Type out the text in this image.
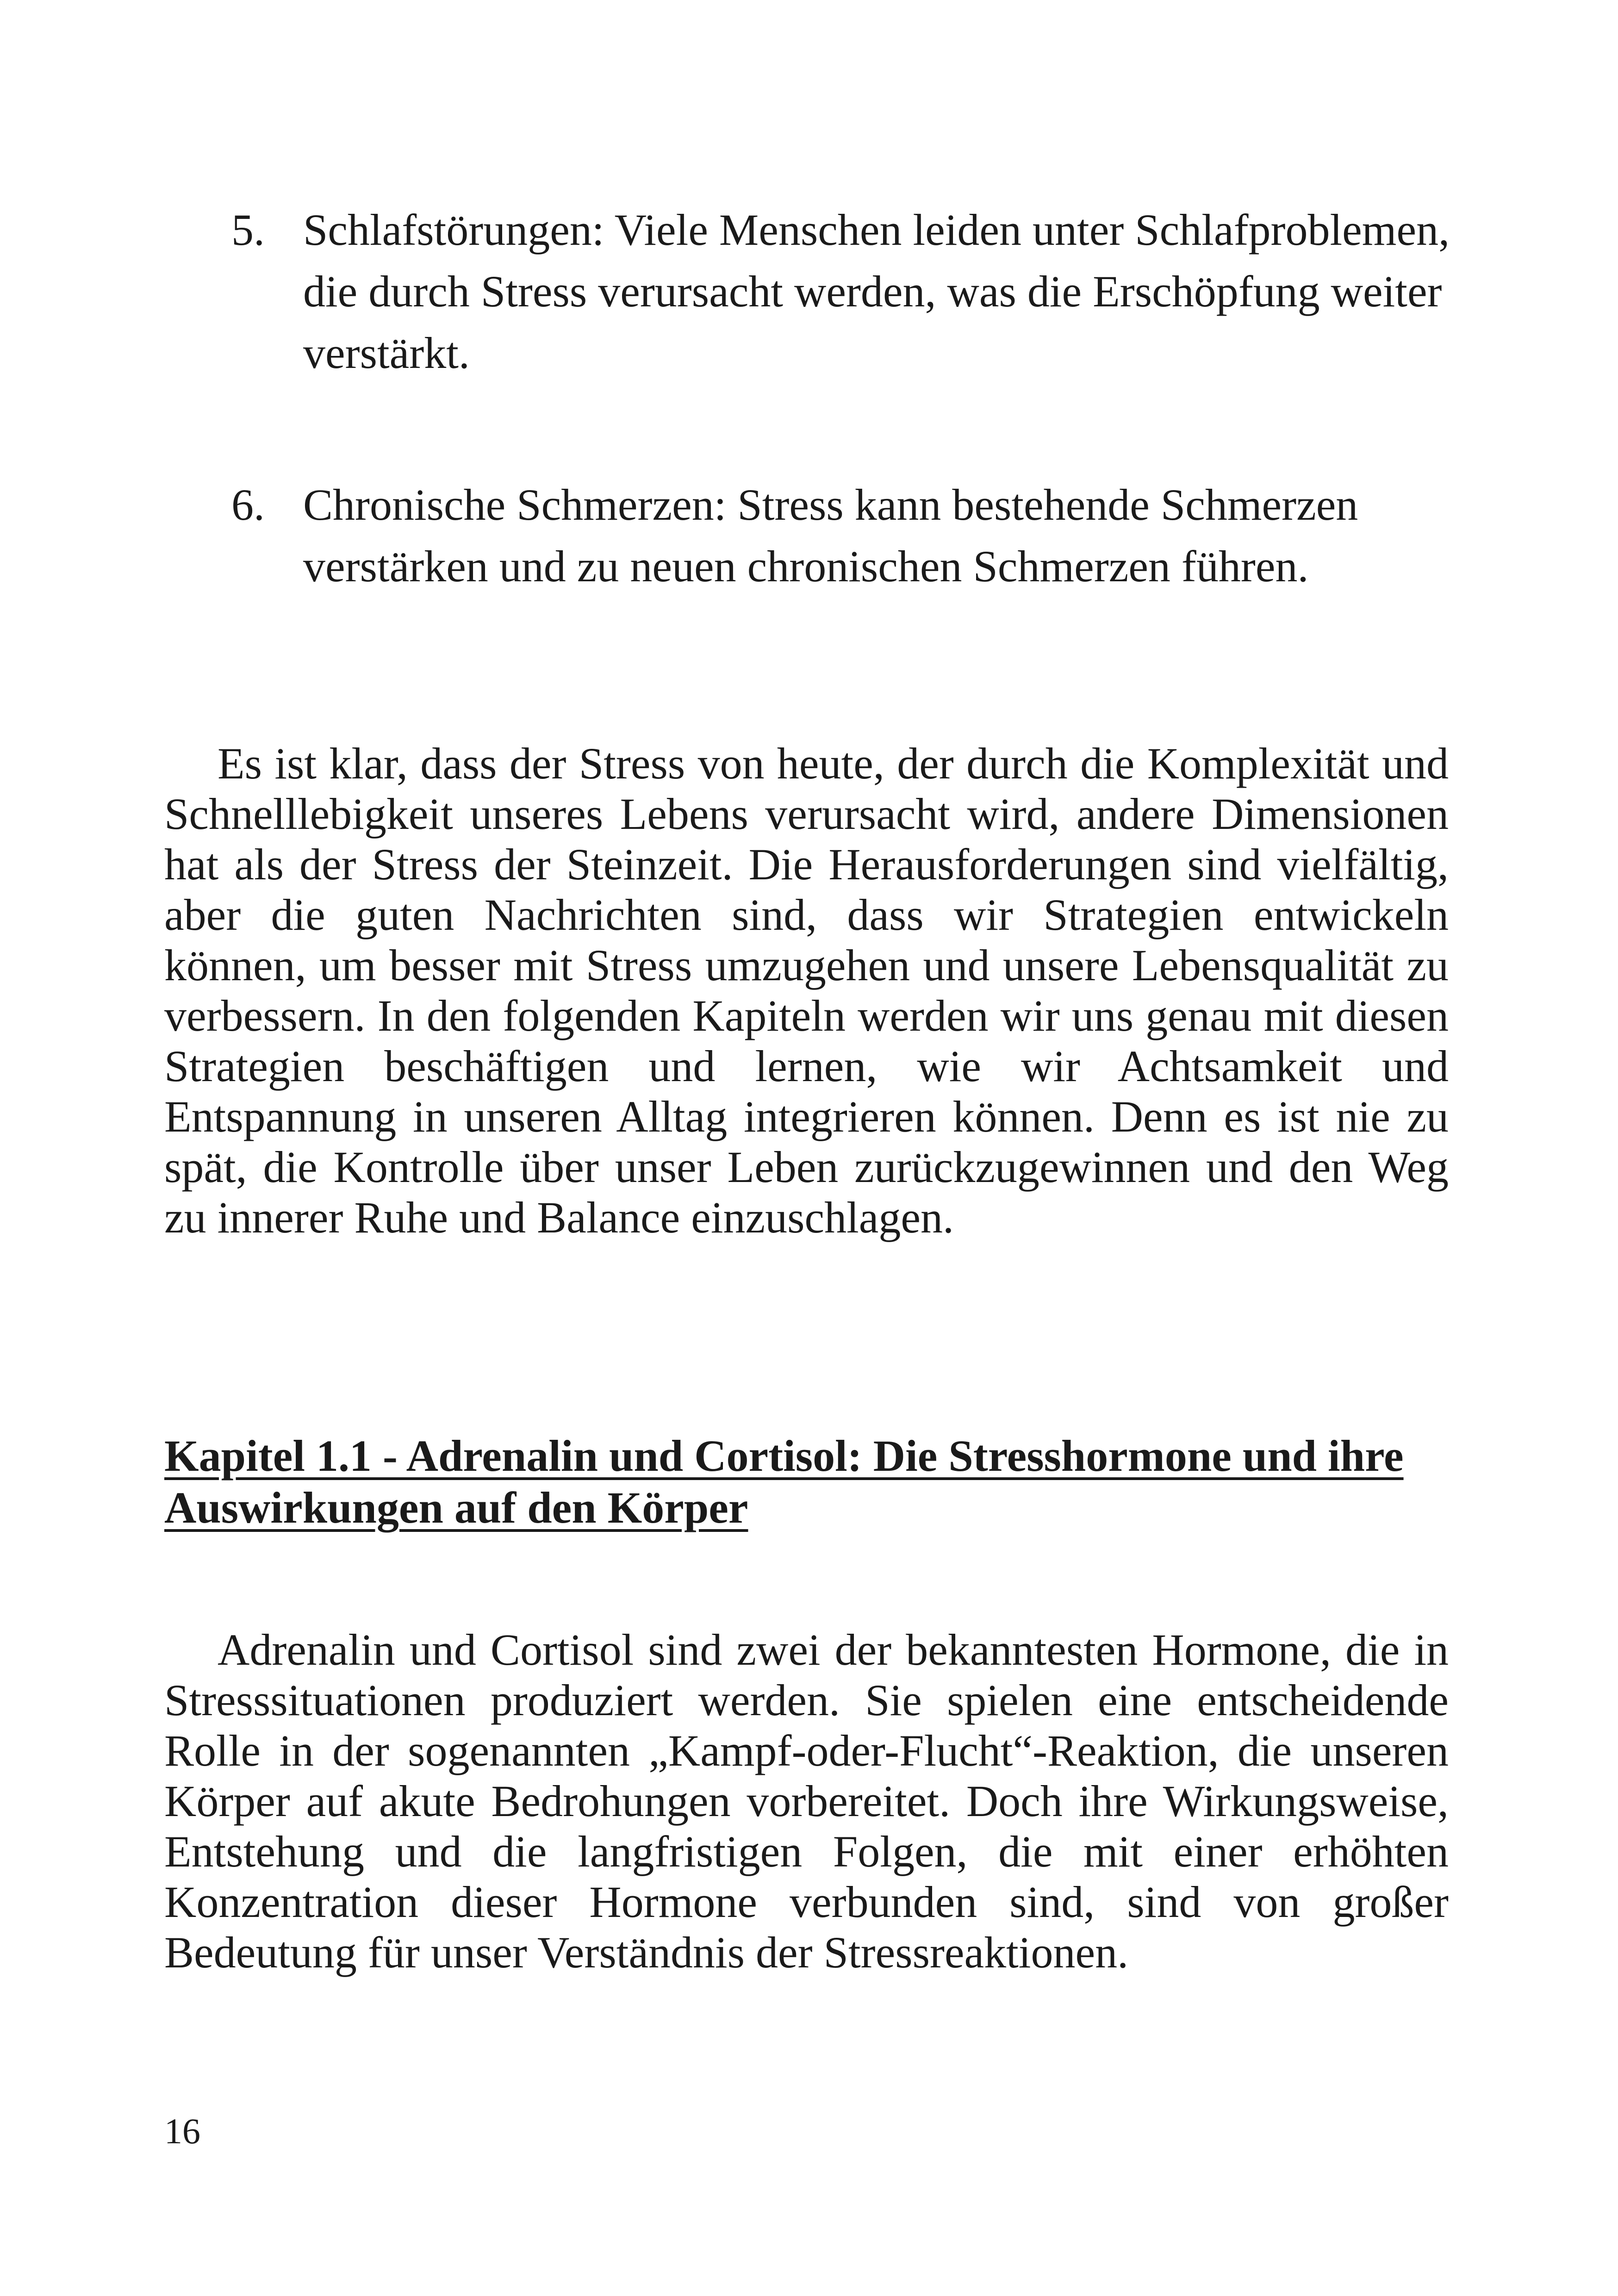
5. Schlafstörungen: Viele Menschen leiden unter Schlafproblemen, die durch Stress verursacht werden, was die Erschöpfung weiter verstärkt.
6. Chronische Schmerzen: Stress kann bestehende Schmerzen verstärken und zu neuen chronischen Schmerzen führen.

Es ist klar, dass der Stress von heute, der durch die Komplexität und Schnelllebigkeit unseres Lebens verursacht wird, andere Dimensionen hat als der Stress der Steinzeit. Die Herausforderungen sind vielfältig, aber die guten Nachrichten sind, dass wir Strategien entwickeln können, um besser mit Stress umzugehen und unsere Lebensqualität zu verbessern. In den folgenden Kapiteln werden wir uns genau mit diesen Strategien beschäftigen und lernen, wie wir Achtsamkeit und Entspannung in unseren Alltag integrieren können. Denn es ist nie zu spät, die Kontrolle über unser Leben zurückzugewinnen und den Weg zu innerer Ruhe und Balance einzuschlagen.

Kapitel 1.1 - Adrenalin und Cortisol: Die Stresshormone und ihre Auswirkungen auf den Körper

Adrenalin und Cortisol sind zwei der bekanntesten Hormone, die in Stresssituationen produziert werden. Sie spielen eine entscheidende Rolle in der sogenannten „Kampf-oder-Flucht“-Reaktion, die unseren Körper auf akute Bedrohungen vorbereitet. Doch ihre Wirkungsweise, Entstehung und die langfristigen Folgen, die mit einer erhöhten Konzentration dieser Hormone verbunden sind, sind von großer Bedeutung für unser Verständnis der Stressreaktionen.

16
